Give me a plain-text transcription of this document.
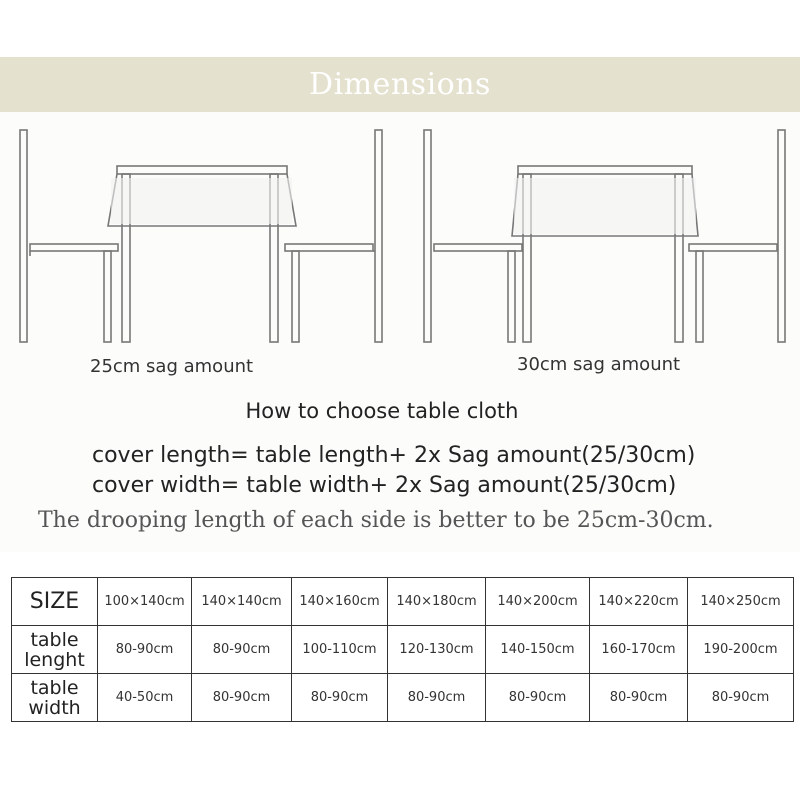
Dimensions
25cm sag amount	30cm sag amount
How to choose table cloth
cover length= table length+ 2x Sag amount(25/30cm)
cover width= table width+ 2x Sag amount(25/30cm)
The drooping length of each side is better to be 25cm-30cm.
SIZE	100×140cm	140×140cm	140×160cm	140×180cm	140×200cm	140×220cm	140×250cm
table lenght	80-90cm	80-90cm	100-110cm	120-130cm	140-150cm	160-170cm	190-200cm
table width	40-50cm	80-90cm	80-90cm	80-90cm	80-90cm	80-90cm	80-90cm
